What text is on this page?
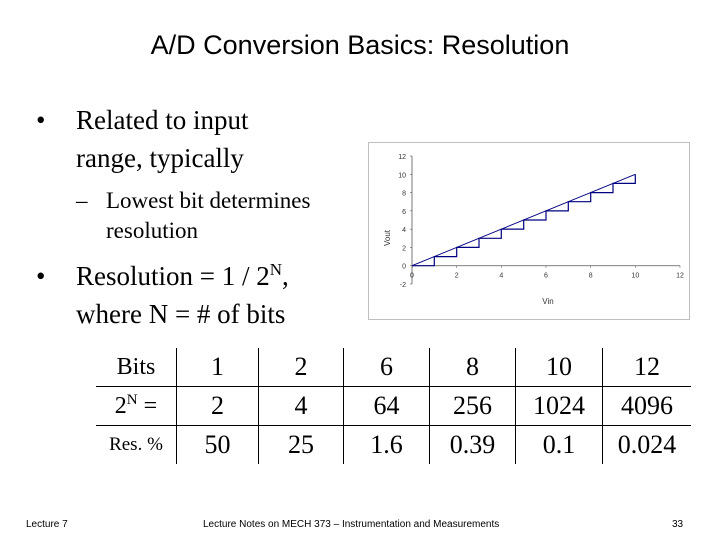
A/D Conversion Basics: Resolution
• Related to input
range, typically
– Lowest bit determines
resolution
• Resolution = $1 / 2^N$,
where N = # of bits
-2
0
2
4
6
8
10
12
0	2	4	6	8	10	12
Vin
Vout
Bits	1	2	6	8	10	12
$2^N$ =	2	4	64	256	1024	4096
Res. %	50	25	1.6	0.39	0.1	0.024
Lecture 7	Lecture Notes on MECH 373 – Instrumentation and Measurements	33
